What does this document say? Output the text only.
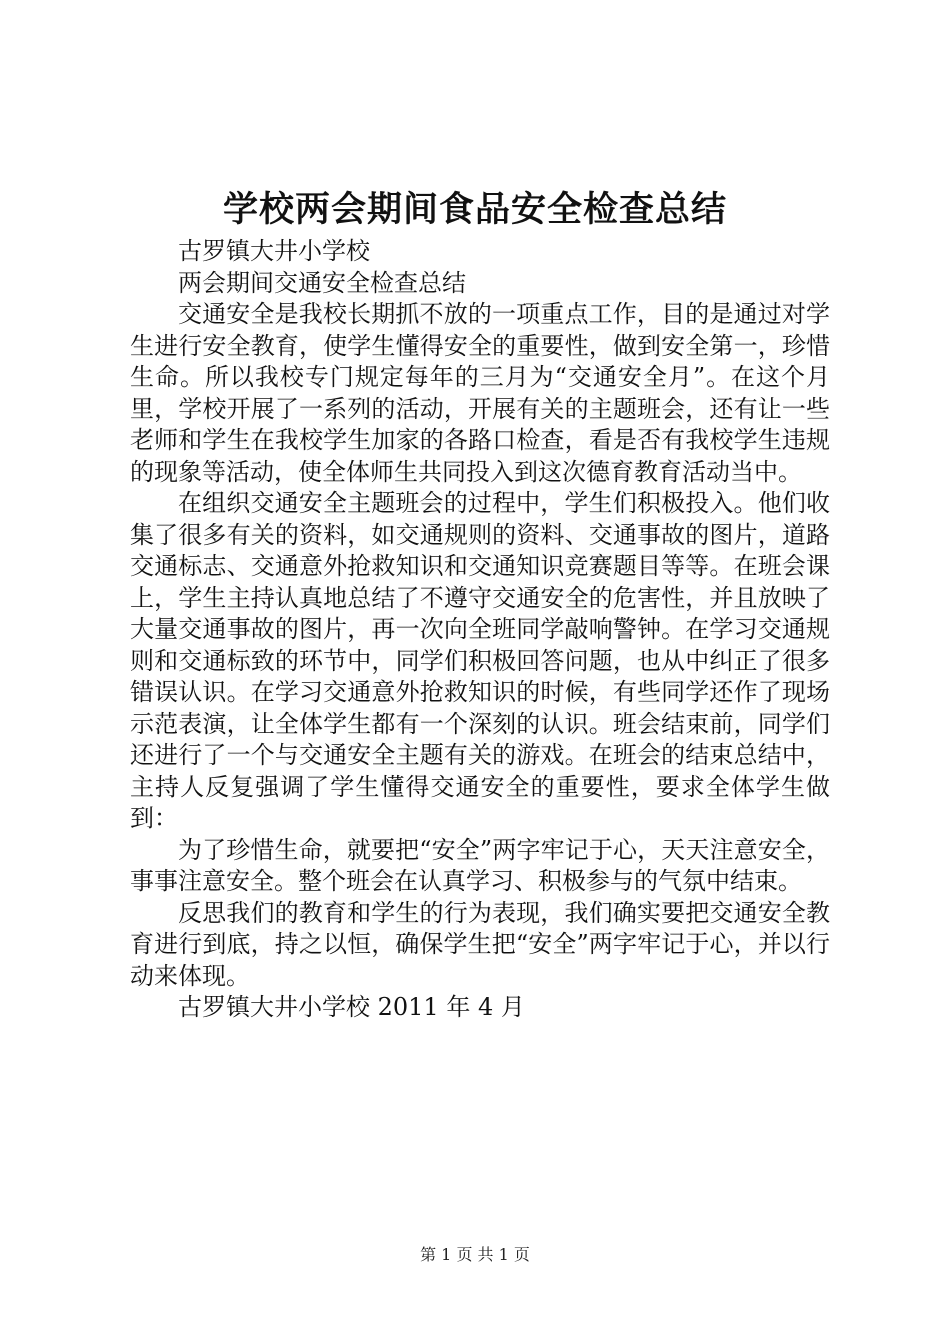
学校两会期间食品安全检查总结

古罗镇大井小学校

两会期间交通安全检查总结

交通安全是我校长期抓不放的一项重点工作，目的是通过对学生进行安全教育，使学生懂得安全的重要性，做到安全第一，珍惜生命。所以我校专门规定每年的三月为“交通安全月”。在这个月里，学校开展了一系列的活动，开展有关的主题班会，还有让一些老师和学生在我校学生加家的各路口检查，看是否有我校学生违规的现象等活动，使全体师生共同投入到这次德育教育活动当中。

在组织交通安全主题班会的过程中，学生们积极投入。他们收集了很多有关的资料，如交通规则的资料、交通事故的图片，道路交通标志、交通意外抢救知识和交通知识竞赛题目等等。在班会课上，学生主持认真地总结了不遵守交通安全的危害性，并且放映了大量交通事故的图片，再一次向全班同学敲响警钟。在学习交通规则和交通标致的环节中，同学们积极回答问题，也从中纠正了很多错误认识。在学习交通意外抢救知识的时候，有些同学还作了现场示范表演，让全体学生都有一个深刻的认识。班会结束前，同学们还进行了一个与交通安全主题有关的游戏。在班会的结束总结中，主持人反复强调了学生懂得交通安全的重要性，要求全体学生做到：

为了珍惜生命，就要把“安全”两字牢记于心，天天注意安全，事事注意安全。整个班会在认真学习、积极参与的气氛中结束。

反思我们的教育和学生的行为表现，我们确实要把交通安全教育进行到底，持之以恒，确保学生把“安全”两字牢记于心，并以行动来体现。

古罗镇大井小学校 2011 年 4 月

第 1 页 共 1 页
